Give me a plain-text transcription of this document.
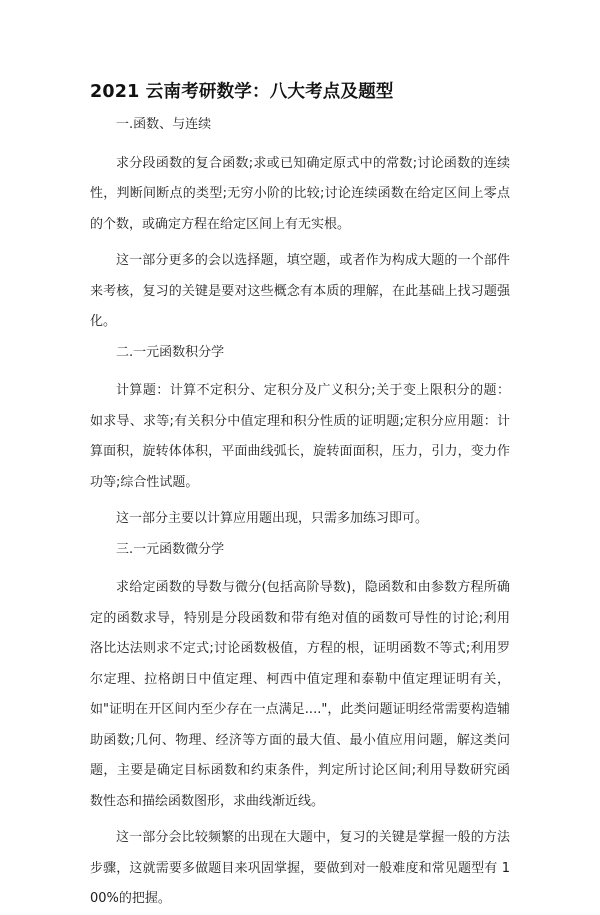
2021 云南考研数学：八大考点及题型

一.函数、与连续

求分段函数的复合函数;求或已知确定原式中的常数;讨论函数的连续性，判断间断点的类型;无穷小阶的比较;讨论连续函数在给定区间上零点的个数，或确定方程在给定区间上有无实根。

这一部分更多的会以选择题，填空题，或者作为构成大题的一个部件来考核，复习的关键是要对这些概念有本质的理解，在此基础上找习题强化。

二.一元函数积分学

计算题：计算不定积分、定积分及广义积分;关于变上限积分的题：如求导、求等;有关积分中值定理和积分性质的证明题;定积分应用题：计算面积，旋转体体积，平面曲线弧长，旋转面面积，压力，引力，变力作功等;综合性试题。

这一部分主要以计算应用题出现，只需多加练习即可。

三.一元函数微分学

求给定函数的导数与微分(包括高阶导数)，隐函数和由参数方程所确定的函数求导，特别是分段函数和带有绝对值的函数可导性的讨论;利用洛比达法则求不定式;讨论函数极值，方程的根，证明函数不等式;利用罗尔定理、拉格朗日中值定理、柯西中值定理和泰勒中值定理证明有关，如"证明在开区间内至少存在一点满足...."，此类问题证明经常需要构造辅助函数;几何、物理、经济等方面的最大值、最小值应用问题，解这类问题，主要是确定目标函数和约束条件，判定所讨论区间;利用导数研究函数性态和描绘函数图形，求曲线渐近线。

这一部分会比较频繁的出现在大题中，复习的关键是掌握一般的方法步骤，这就需要多做题目来巩固掌握，要做到对一般难度和常见题型有 100%的把握。
